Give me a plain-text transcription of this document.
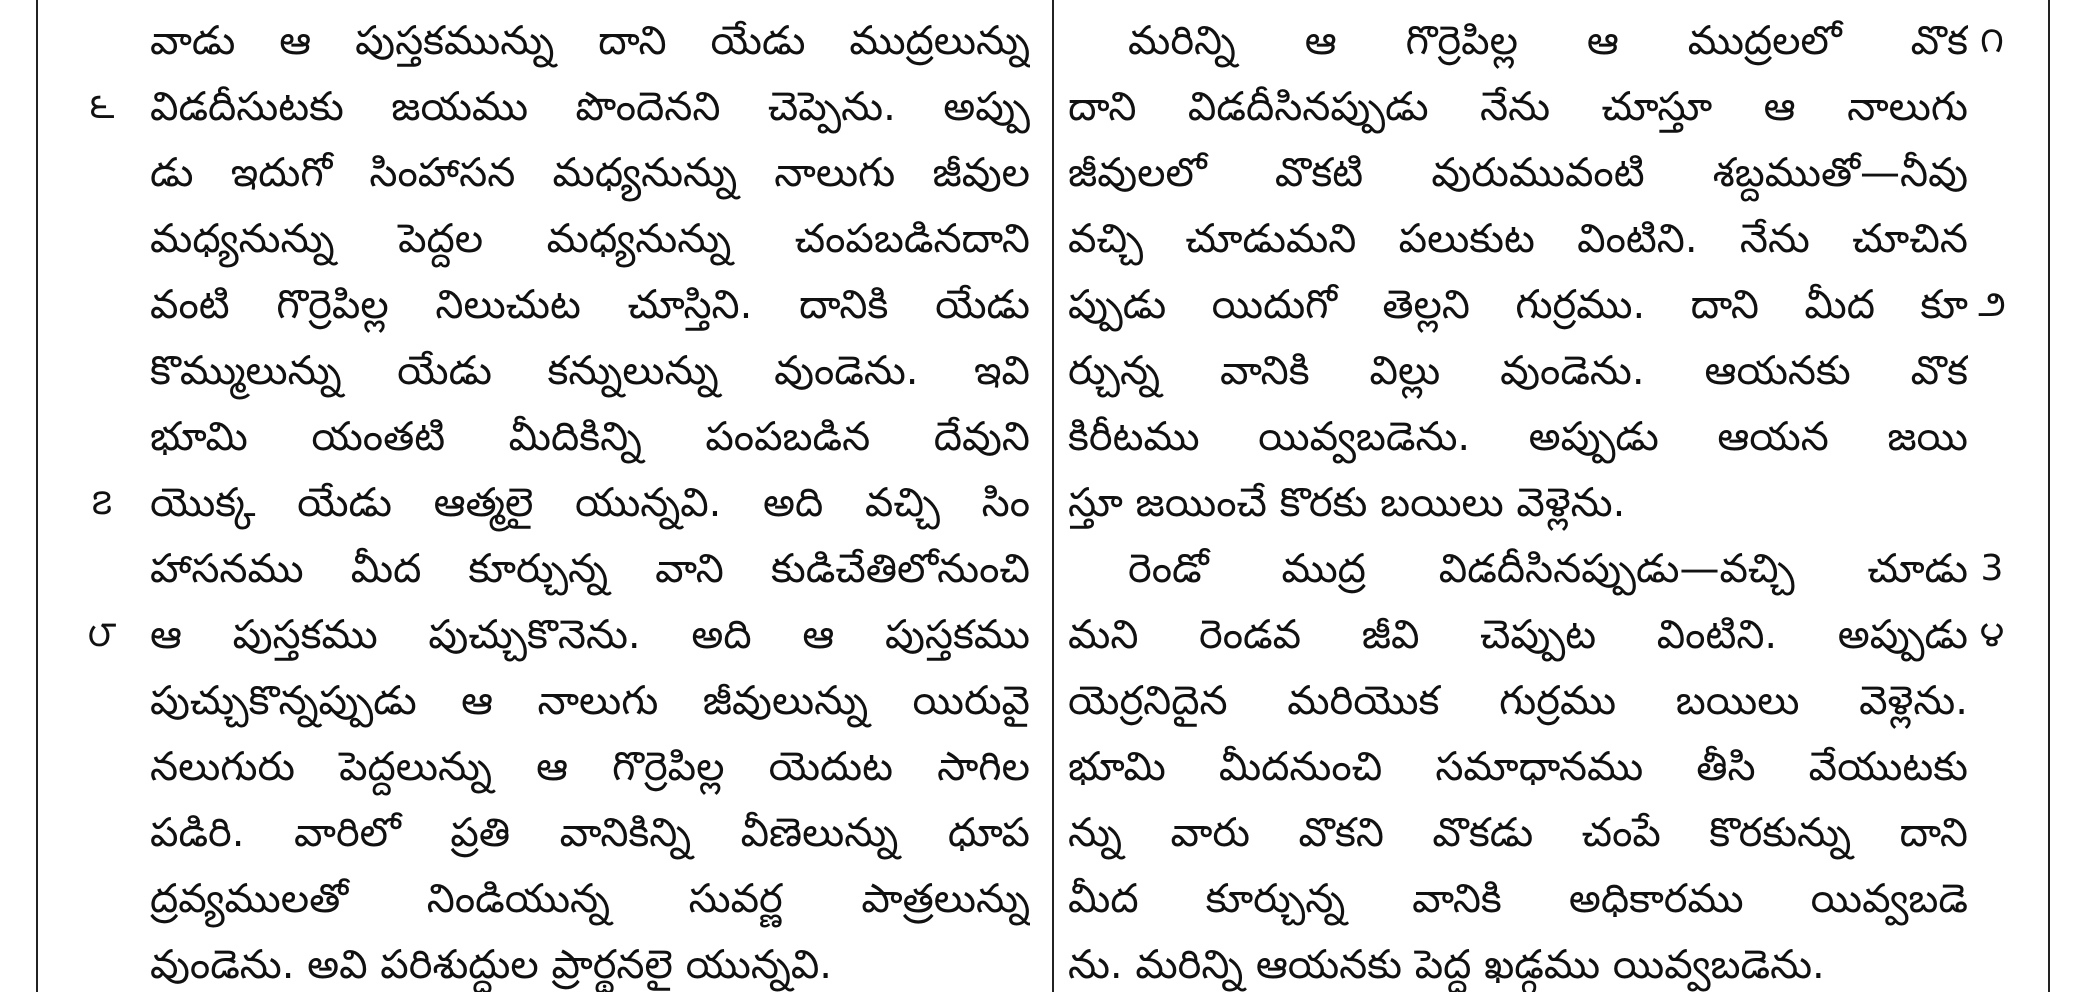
వాడు ఆ పుస్తకమున్ను దాని యేడు ముద్రలున్ను
విడదీసుటకు జయము పొందెనని చెప్పెను. అప్పు
డు ఇదుగో సింహాసన మధ్యనున్ను నాలుగు జీవుల
మధ్యనున్ను పెద్దల మధ్యనున్ను చంపబడినదాని
వంటి గొర్రెపిల్ల నిలుచుట చూస్తిని. దానికి యేడు
కొమ్ములున్ను యేడు కన్నులున్ను వుండెను. ఇవి
భూమి యంతటి మీదికిన్ని పంపబడిన దేవుని
యొక్క యేడు ఆత్మలై యున్నవి. అది వచ్చి సిం
హాసనము మీద కూర్చున్న వాని కుడిచేతిలోనుంచి
ఆ పుస్తకము పుచ్చుకొనెను. అది ఆ పుస్తకము
పుచ్చుకొన్నప్పుడు ఆ నాలుగు జీవులున్ను యిరువై
నలుగురు పెద్దలున్ను ఆ గొర్రెపిల్ల యెదుట సాగిల
పడిరి. వారిలో ప్రతి వానికిన్ని వీణెలున్ను ధూప
ద్రవ్యములతో నిండియున్న సువర్ణ పాత్రలున్ను
వుండెను. అవి పరిశుద్ధుల ప్రార్థనలై యున్నవి.
మరిన్ని ఆ గొర్రెపిల్ల ఆ ముద్రలలో వొక
దాని విడదీసినప్పుడు నేను చూస్తూ ఆ నాలుగు
జీవులలో వొకటి వురుమువంటి శబ్దముతో—నీవు
వచ్చి చూడుమని పలుకుట వింటిని. నేను చూచిన
ప్పుడు యిదుగో తెల్లని గుర్రము. దాని మీద కూ
ర్చున్న వానికి విల్లు వుండెను. ఆయనకు వొక
కిరీటము యివ్వబడెను. అప్పుడు ఆయన జయి
స్తూ జయించే కొరకు బయిలు వెళ్లెను.
రెండో ముద్ర విడదీసినప్పుడు—వచ్చి చూడు
మని రెండవ జీవి చెప్పుట వింటిని. అప్పుడు
యెర్రనిదైన మరియొక గుర్రము బయిలు వెళ్లెను.
భూమి మీదనుంచి సమాధానము తీసి వేయుటకు
న్ను వారు వొకని వొకడు చంపే కొరకున్ను దాని
మీద కూర్చున్న వానికి అధికారము యివ్వబడె
ను. మరిన్ని ఆయనకు పెద్ద ఖడ్గము యివ్వబడెను.
౬
౭
౮
౧
౨
3
౪
